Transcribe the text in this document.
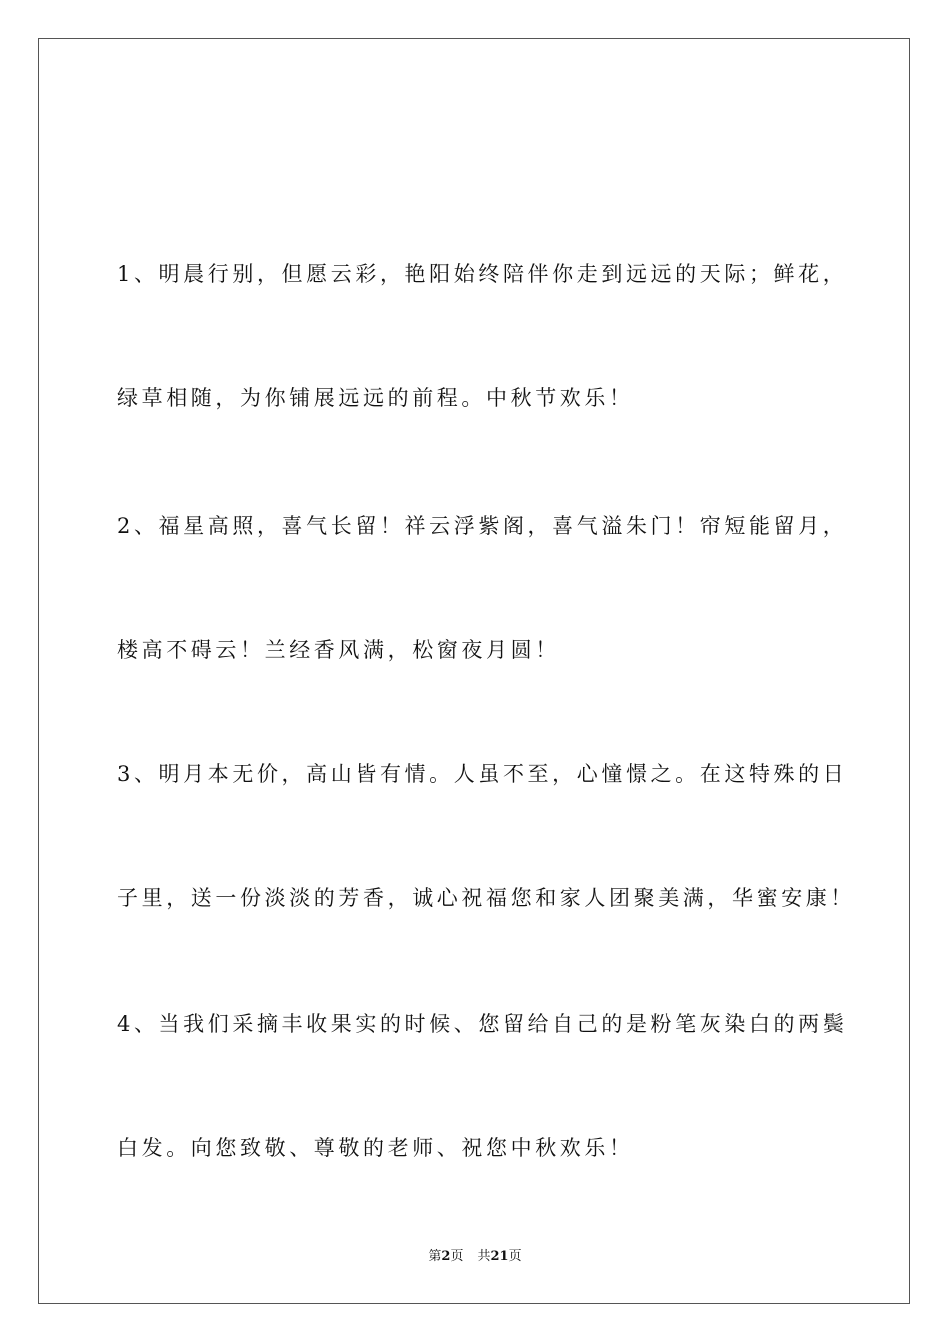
1、明晨行别，但愿云彩，艳阳始终陪伴你走到远远的天际；鲜花，
绿草相随，为你铺展远远的前程。中秋节欢乐！
2、福星高照，喜气长留！祥云浮紫阁，喜气溢朱门！帘短能留月，
楼高不碍云！兰经香风满，松窗夜月圆！
3、明月本无价，高山皆有情。人虽不至，心憧憬之。在这特殊的日
子里，送一份淡淡的芳香，诚心祝福您和家人团聚美满，华蜜安康！
4、当我们采摘丰收果实的时候、您留给自己的是粉笔灰染白的两鬓
白发。向您致敬、尊敬的老师、祝您中秋欢乐！
第2页 共21页
